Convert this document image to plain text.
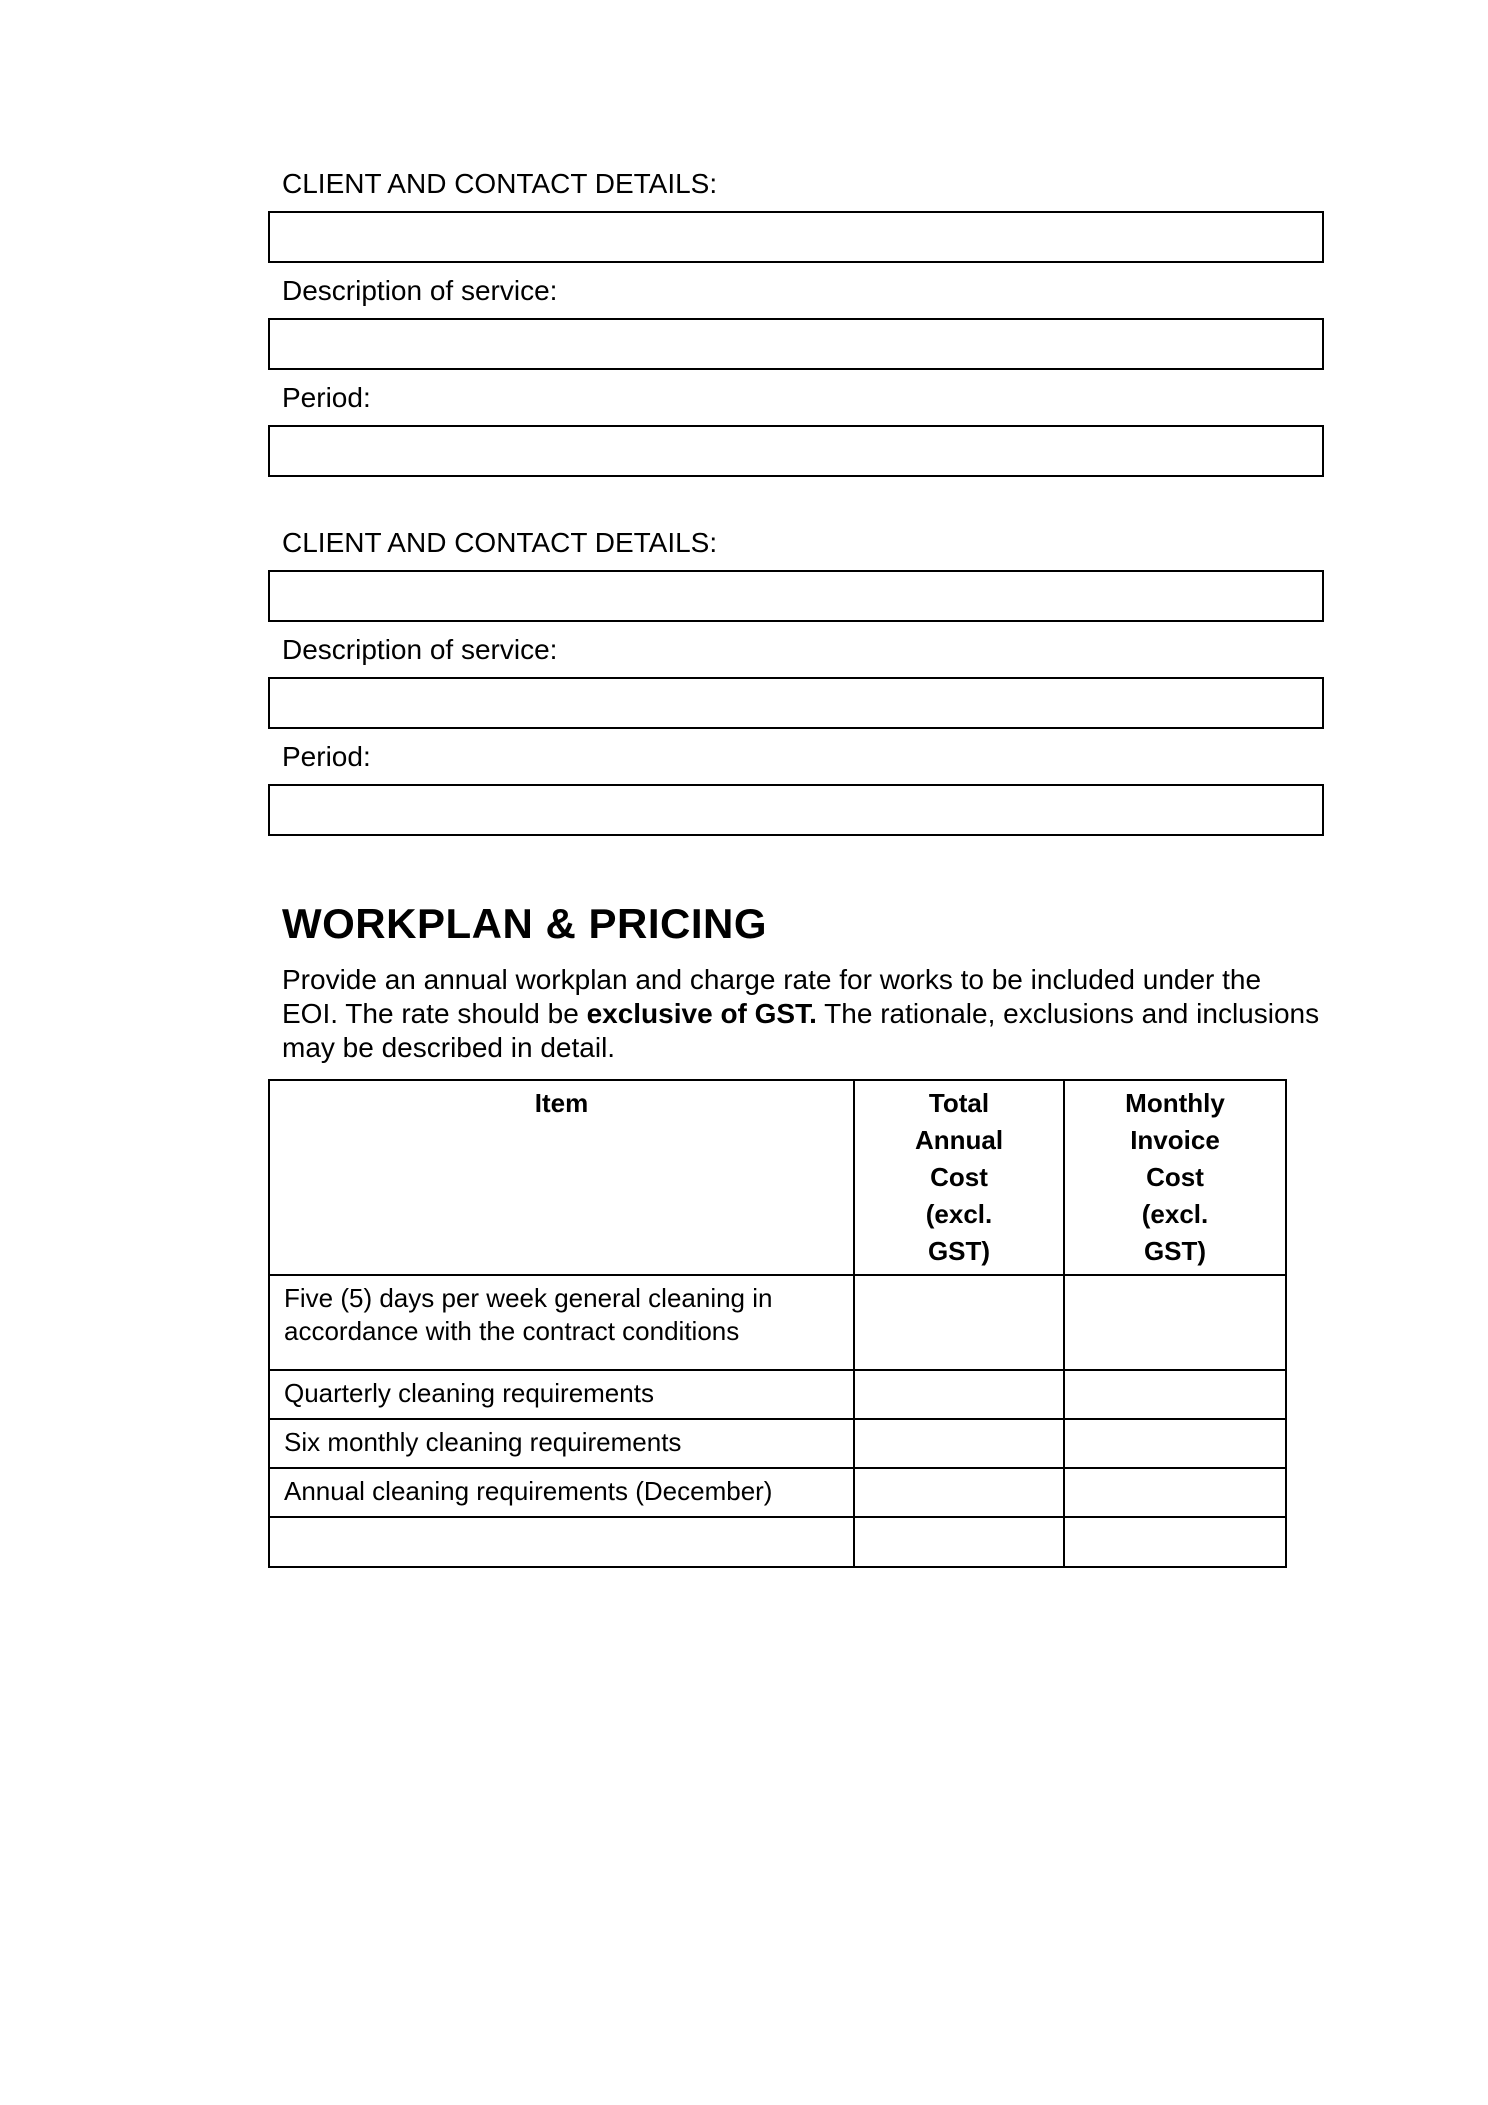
CLIENT AND CONTACT DETAILS:
Description of service:
Period:
CLIENT AND CONTACT DETAILS:
Description of service:
Period:
WORKPLAN & PRICING

Provide an annual workplan and charge rate for works to be included under the EOI. The rate should be exclusive of GST. The rationale, exclusions and inclusions may be described in detail.

Item	Total Annual Cost (excl. GST)	Monthly Invoice Cost (excl. GST)
Five (5) days per week general cleaning in accordance with the contract conditions		
Quarterly cleaning requirements		
Six monthly cleaning requirements		
Annual cleaning requirements (December)		
